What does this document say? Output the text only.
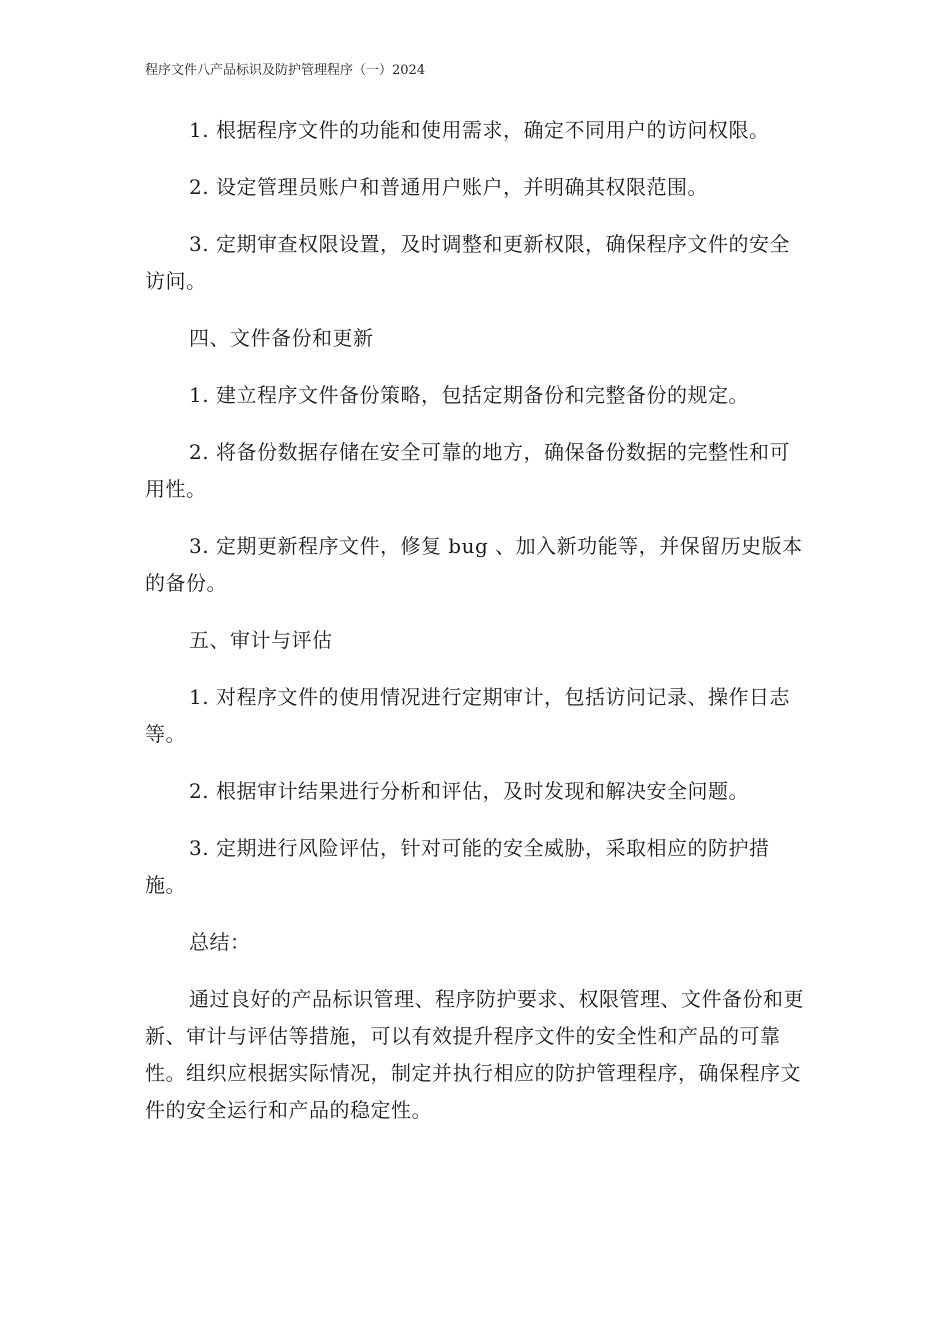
程序文件八产品标识及防护管理程序（一）2024

1. 根据程序文件的功能和使用需求，确定不同用户的访问权限。

2. 设定管理员账户和普通用户账户，并明确其权限范围。

3. 定期审查权限设置，及时调整和更新权限，确保程序文件的安全访问。

四、文件备份和更新

1. 建立程序文件备份策略，包括定期备份和完整备份的规定。

2. 将备份数据存储在安全可靠的地方，确保备份数据的完整性和可用性。

3. 定期更新程序文件，修复 bug 、加入新功能等，并保留历史版本的备份。

五、审计与评估

1. 对程序文件的使用情况进行定期审计，包括访问记录、操作日志等。

2. 根据审计结果进行分析和评估，及时发现和解决安全问题。

3. 定期进行风险评估，针对可能的安全威胁，采取相应的防护措施。

总结：

通过良好的产品标识管理、程序防护要求、权限管理、文件备份和更新、审计与评估等措施，可以有效提升程序文件的安全性和产品的可靠性。组织应根据实际情况，制定并执行相应的防护管理程序，确保程序文件的安全运行和产品的稳定性。
